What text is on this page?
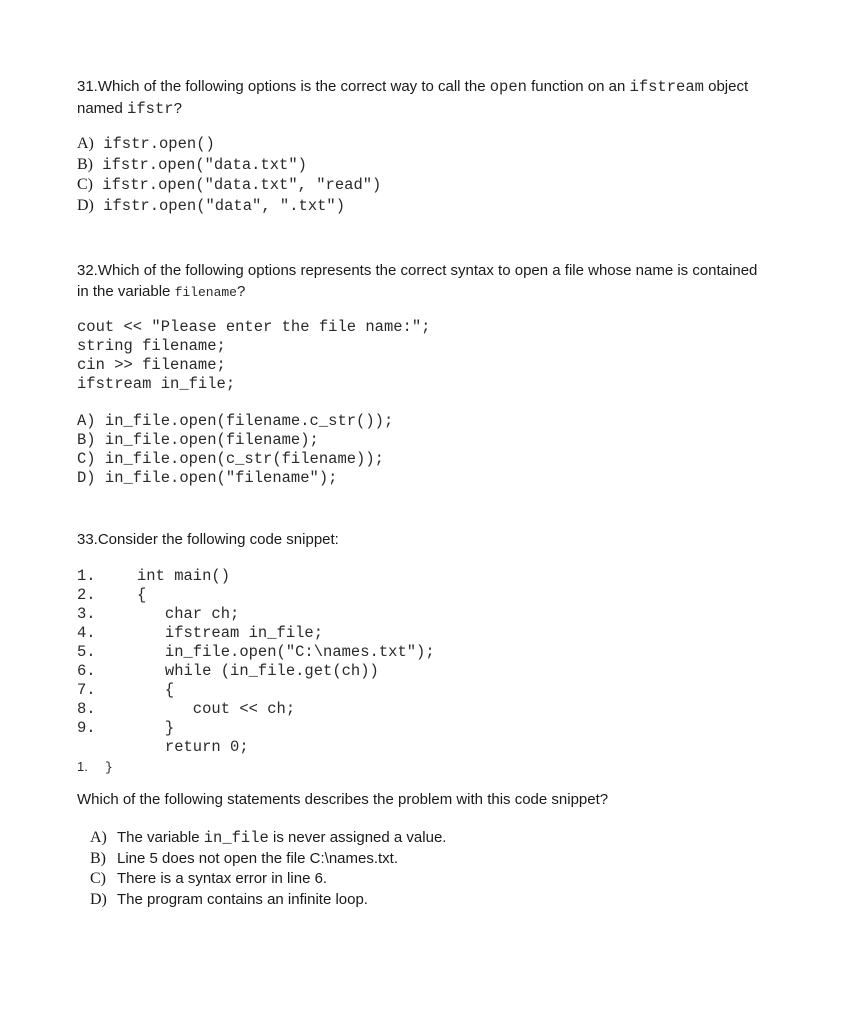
31.Which of the following options is the correct way to call the open function on an ifstream object
named ifstr?

A) ifstr.open()
B) ifstr.open("data.txt")
C) ifstr.open("data.txt", "read")
D) ifstr.open("data", ".txt")

32.Which of the following options represents the correct syntax to open a file whose name is contained
in the variable filename?

cout << "Please enter the file name:";
string filename;
cin >> filename;
ifstream in_file;
A) in_file.open(filename.c_str());
B) in_file.open(filename);
C) in_file.open(c_str(filename));
D) in_file.open("filename");

33.Consider the following code snippet:

1.	int main()
2.	{
3.	char ch;
4.	ifstream in_file;
5.	in_file.open("C:\names.txt");
6.	while (in_file.get(ch))
7.	{
8.	cout << ch;
9.	}
return 0;
1. }

Which of the following statements describes the problem with this code snippet?

A) The variable in_file is never assigned a value.
B) Line 5 does not open the file C:\names.txt.
C) There is a syntax error in line 6.
D) The program contains an infinite loop.
